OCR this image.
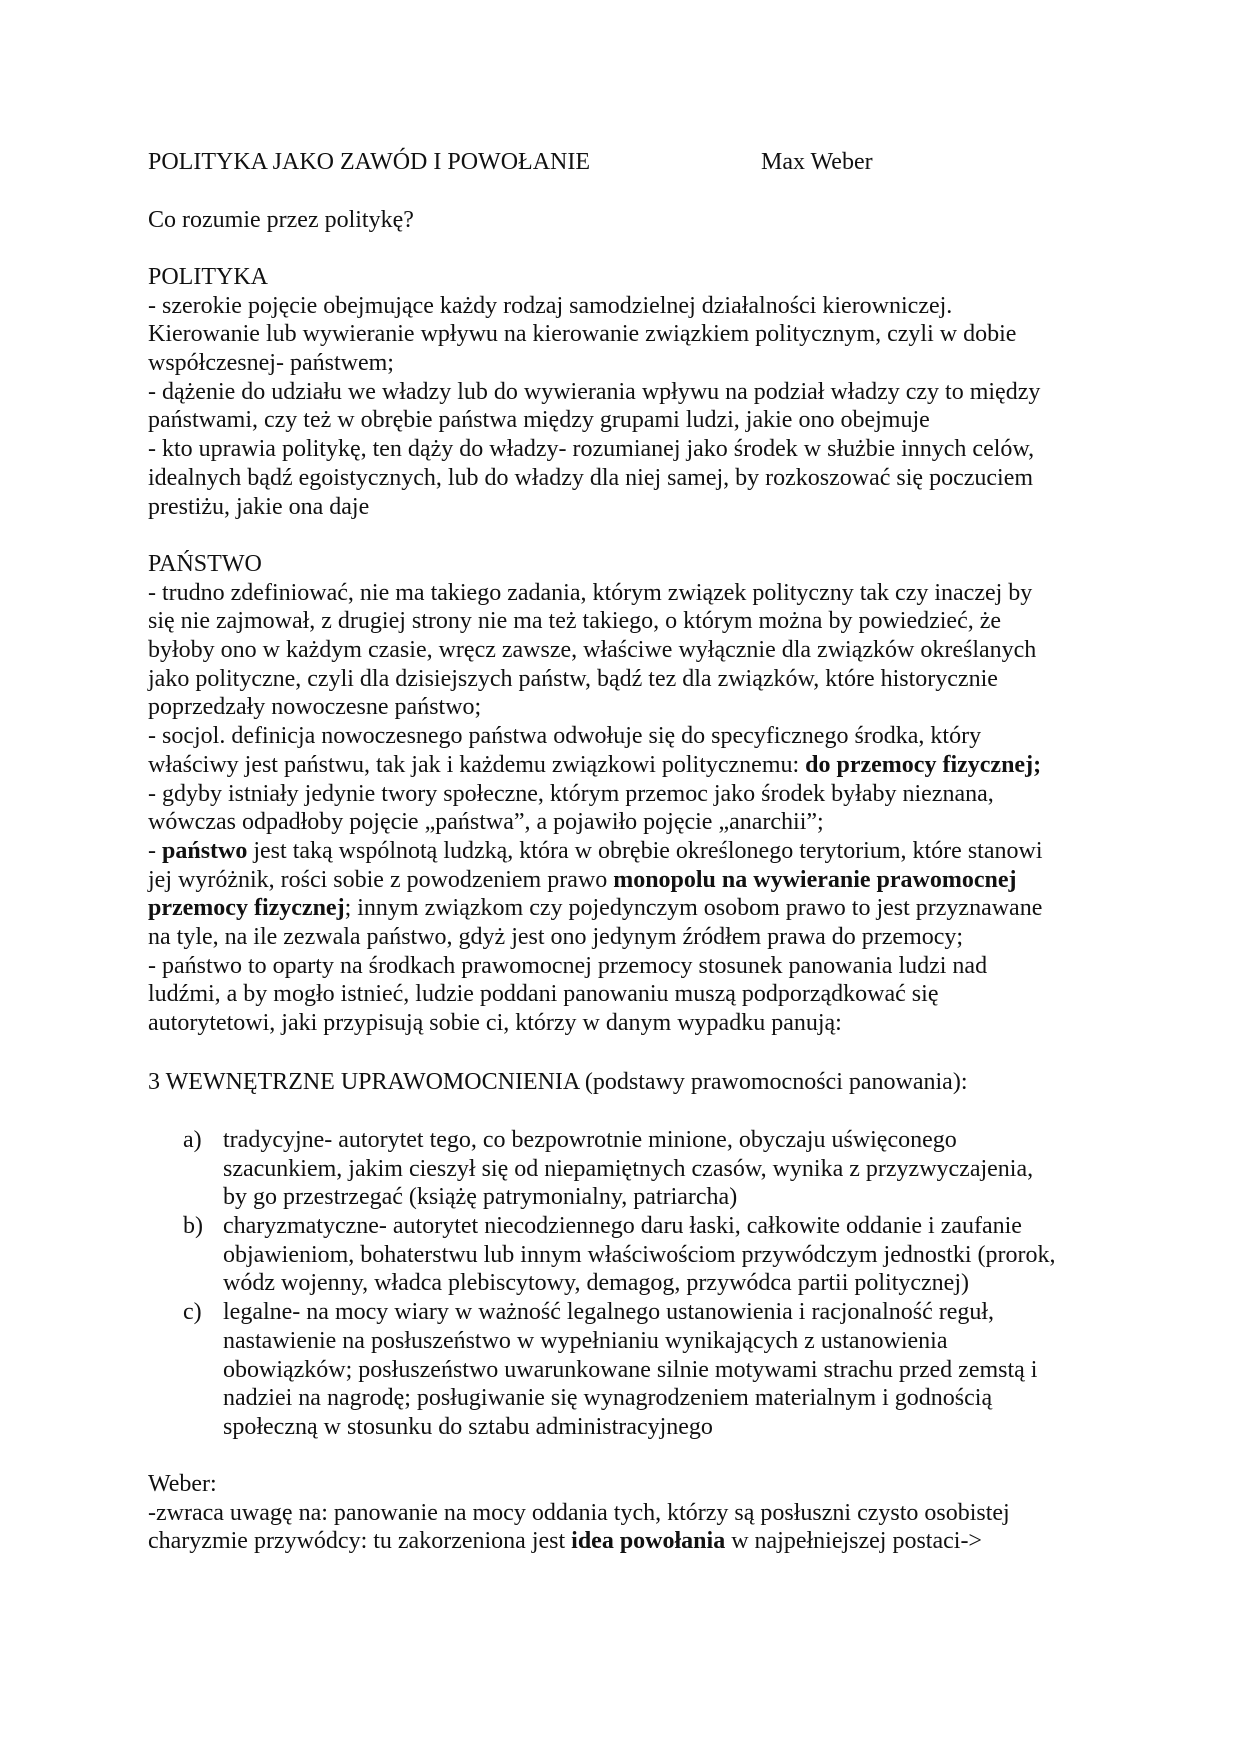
POLITYKA JAKO ZAWÓD I POWOŁANIE	Max Weber
Co rozumie przez politykę?
POLITYKA
- szerokie pojęcie obejmujące każdy rodzaj samodzielnej działalności kierowniczej.
Kierowanie lub wywieranie wpływu na kierowanie związkiem politycznym, czyli w dobie
współczesnej- państwem;
- dążenie do udziału we władzy lub do wywierania wpływu na podział władzy czy to między
państwami, czy też w obrębie państwa między grupami ludzi, jakie ono obejmuje
- kto uprawia politykę, ten dąży do władzy- rozumianej jako środek w służbie innych celów,
idealnych bądź egoistycznych, lub do władzy dla niej samej, by rozkoszować się poczuciem
prestiżu, jakie ona daje
PAŃSTWO
- trudno zdefiniować, nie ma takiego zadania, którym związek polityczny tak czy inaczej by
się nie zajmował, z drugiej strony nie ma też takiego, o którym można by powiedzieć, że
byłoby ono w każdym czasie, wręcz zawsze, właściwe wyłącznie dla związków określanych
jako polityczne, czyli dla dzisiejszych państw, bądź tez dla związków, które historycznie
poprzedzały nowoczesne państwo;
- socjol. definicja nowoczesnego państwa odwołuje się do specyficznego środka, który
właściwy jest państwu, tak jak i każdemu związkowi politycznemu: do przemocy fizycznej;
- gdyby istniały jedynie twory społeczne, którym przemoc jako środek byłaby nieznana,
wówczas odpadłoby pojęcie „państwa”, a pojawiło pojęcie „anarchii”;
- państwo jest taką wspólnotą ludzką, która w obrębie określonego terytorium, które stanowi
jej wyróżnik, rości sobie z powodzeniem prawo monopolu na wywieranie prawomocnej
przemocy fizycznej; innym związkom czy pojedynczym osobom prawo to jest przyznawane
na tyle, na ile zezwala państwo, gdyż jest ono jedynym źródłem prawa do przemocy;
- państwo to oparty na środkach prawomocnej przemocy stosunek panowania ludzi nad
ludźmi, a by mogło istnieć, ludzie poddani panowaniu muszą podporządkować się
autorytetowi, jaki przypisują sobie ci, którzy w danym wypadku panują:
3 WEWNĘTRZNE UPRAWOMOCNIENIA (podstawy prawomocności panowania):
a) tradycyjne- autorytet tego, co bezpowrotnie minione, obyczaju uświęconego
szacunkiem, jakim cieszył się od niepamiętnych czasów, wynika z przyzwyczajenia,
by go przestrzegać (książę patrymonialny, patriarcha)
b) charyzmatyczne- autorytet niecodziennego daru łaski, całkowite oddanie i zaufanie
objawieniom, bohaterstwu lub innym właściwościom przywódczym jednostki (prorok,
wódz wojenny, władca plebiscytowy, demagog, przywódca partii politycznej)
c) legalne- na mocy wiary w ważność legalnego ustanowienia i racjonalność reguł,
nastawienie na posłuszeństwo w wypełnianiu wynikających z ustanowienia
obowiązków; posłuszeństwo uwarunkowane silnie motywami strachu przed zemstą i
nadziei na nagrodę; posługiwanie się wynagrodzeniem materialnym i godnością
społeczną w stosunku do sztabu administracyjnego
Weber:
-zwraca uwagę na: panowanie na mocy oddania tych, którzy są posłuszni czysto osobistej
charyzmie przywódcy: tu zakorzeniona jest idea powołania w najpełniejszej postaci->
